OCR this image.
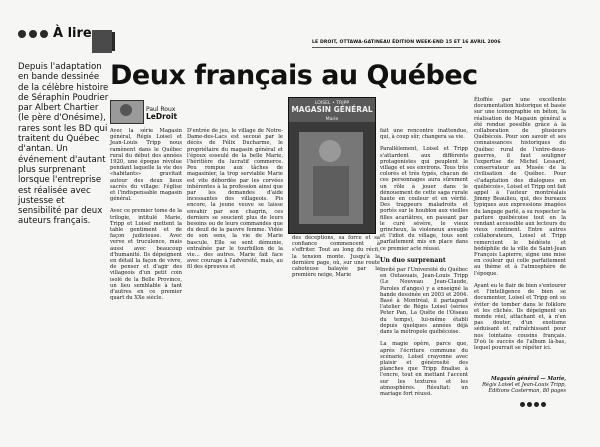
À lire
LE DROIT, OTTAWA-GATINEAU ÉDITION WEEK-END 15 ET 16 AVRIL 2006
Deux français au Québec
Depuis l'adaptation en bande dessinée de la célèbre histoire de Séraphin Poudrier par Albert Chartier (le père d'Onésime), rares sont les BD qui traitent du Québec d'antan. Un événement d'autant plus surprenant lorsque l'entreprise est réalisée avec justesse et sensibilité par deux auteurs français.
Paul Roux
LeDroit

Avec la série Magasin général, Régis Loisel et Jean-Louis Tripp nous ramènent dans le Québec rural du début des années 1920, une époque révolue pendant laquelle la vie des «habitants» gravitait autour des deux lieux sacrés du village: l'église et l'indispensable magasin général.

Avec ce premier tome de la trilogie, intitulé Marie, Tripp et Loisel mettent la table gentiment et de façon judicieuse. Avec verve et truculence, mais aussi avec beaucoup d'humanité. Ils dépeignent en détail la façon de vivre, de penser et d'agir des villageois d'un petit coin isolé de la Belle Province, un lieu semblable à tant d'autres en ce premier quart du XXe siècle.

D'entrée de jeu, le village de Notre-Dame-des-Lacs est secoué par le décès de Félix Ducharme, le propriétaire du magasin général et l'époux esseulé de la belle Marie, l'héritière du lucratif commerce. Peu rompue aux tâches de magasinier, la trop serviable Marie est vite débordée par les corvées inhérentes à la profession ainsi que par les demandes d'aide incessantes des villageois. Pis encore, la jeune veuve se laisse envahir par son chagrin, ces derniers se soucient plus de leurs besoins ou de leurs commandes que du deuil de la pauvre femme. Vidée de son sens, la vie de Marie bascule. Elle se sent démunie, entraînée par le tourbillon de la vie… des autres. Marie fait face avec courage à l'adversité, mais, au fil des épreuves et

LOISEL • TRIPP
MAGASIN GÉNÉRAL
Marie

des déceptions, sa force et sa confiance commencent à s'effriter. Tout au long du récit, la tension monte. Jusqu'à la dernière page, où, sur une route cahoteuse balayée par la première neige, Marie

fait une rencontre inattendue, qui, à coup sûr, changera sa vie.

Parallèlement, Loisel et Tripp s'attardent aux différents protagonistes qui peuplent le village et ses environs. Tous très colorés et très typés, chacun de ces personnages aura sûrement un rôle à jouer dans le dénouement de cette saga rurale haute en couleur et en vérité. Des trappeurs maladroits et portés sur le houblon aux vieilles filles acariâtres, en passant par le curé sévère, le vieux grincheux, la violoneux aveugle et l'idiot du village, tous sont parfaitement mis en place dans ce premier acte réussi.

Un duo surprenant

Invité par l'Université du Québec en Outaouais, Jean-Louis Tripp (Le Nouveau Jean-Claude, Paroles d'anges) y a enseigné la bande dessinée en 2003 et 2004. Basé à Montréal, il partageait l'atelier de Régis Loisel (séries Peter Pan, La Quête de l'Oiseau du temps), lui-même établi depuis quelques années déjà dans la métropole québécoise.

La magie opère, parce que, après l'écriture commune du scénario, Loisel crayonne avec plaisir et générosité des planches que Tripp finalise à l'encre, tout en mettant l'accent sur les textures et les atmosphères. Résultat: un mariage fort réussi.

Étoffée par une excellente documentation historique et basée sur une iconographie en béton, la réalisation de Magasin général a été rendue possible grâce à la collaboration de plusieurs Québécois. Pour son savoir et ses connaissances historiques du Québec rural de l'entre-deux-guerres, il faut souligner l'expertise de Michel Lessard, conservateur au Musée de la civilisation de Québec. Pour «l'adaptation des dialogues en québécois», Loisel et Tripp ont fait appel à l'auteur montréalais Jimmy Beaulieu, qui, des bureaux typiques aux expressions imagées du langage parlé, a su respecter la parlure québécoise tout en la rendant accessible aux lecteurs du vieux continent. Entre autres collaborateurs, Loisel et Tripp remercient le bédéiste et bédéphile de la ville de Saint-Jean François Lapierre, signe une mise en couleur qui colle parfaitement au thème et à l'atmosphère de l'époque.

Ayant eu le flair de bien s'entourer et l'intelligence de bien se documenter, Loisel et Tripp ont su éviter de tomber dans le folklore et les clichés. Ils dépeignent un monde réel, attachant et, à n'en pas douter, d'un exotisme séduisant et rafraîchissant pour nos lointains cousins français. D'où le succès de l'album là-bas, lequel pourrait se répéter ici.

Magasin général — Marie,
Régis Loisel et Jean-Louis Tripp,
Éditions Casterman, 80 pages
